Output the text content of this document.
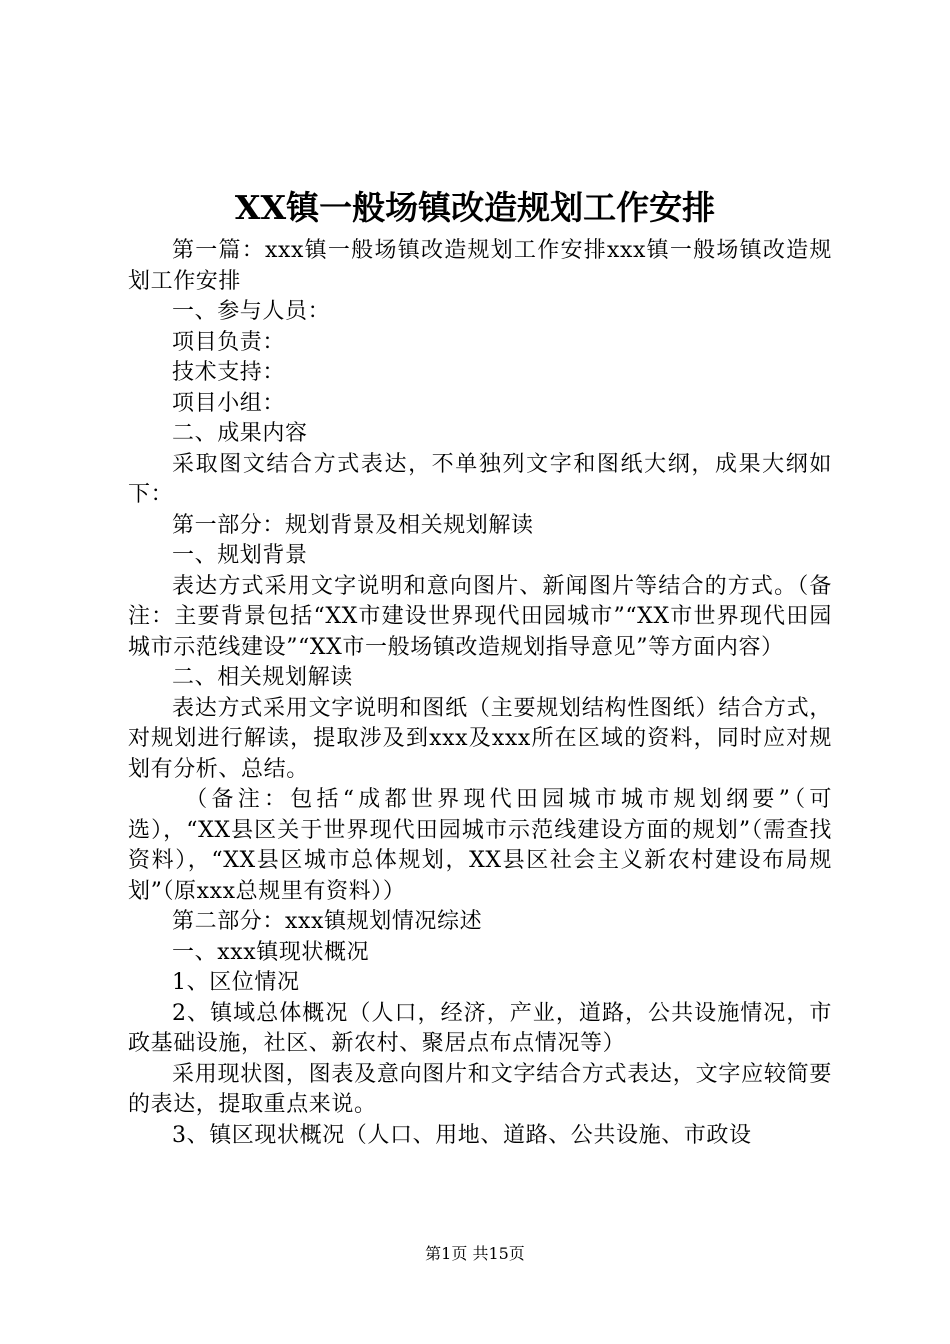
XX镇一般场镇改造规划工作安排

第一篇：xxx镇一般场镇改造规划工作安排xxx镇一般场镇改造规划工作安排

一、参与人员：

项目负责：

技术支持：

项目小组：

二、成果内容

采取图文结合方式表达，不单独列文字和图纸大纲，成果大纲如下：

第一部分：规划背景及相关规划解读

一、规划背景

表达方式采用文字说明和意向图片、新闻图片等结合的方式。（备注：主要背景包括“XX市建设世界现代田园城市”“XX市世界现代田园城市示范线建设”“XX市一般场镇改造规划指导意见”等方面内容）

二、相关规划解读

表达方式采用文字说明和图纸（主要规划结构性图纸）结合方式，对规划进行解读，提取涉及到xxx及xxx所在区域的资料，同时应对规划有分析、总结。

（备注：包括“成都世界现代田园城市城市规划纲要”（可选），“XX县区关于世界现代田园城市示范线建设方面的规划”（需查找资料），“XX县区城市总体规划，XX县区社会主义新农村建设布局规划”（原xxx总规里有资料））

第二部分：xxx镇规划情况综述

一、xxx镇现状概况

1、区位情况

2、镇域总体概况（人口，经济，产业，道路，公共设施情况，市政基础设施，社区、新农村、聚居点布点情况等）

采用现状图，图表及意向图片和文字结合方式表达，文字应较简要的表达，提取重点来说。

3、镇区现状概况（人口、用地、道路、公共设施、市政设

第1页 共15页
